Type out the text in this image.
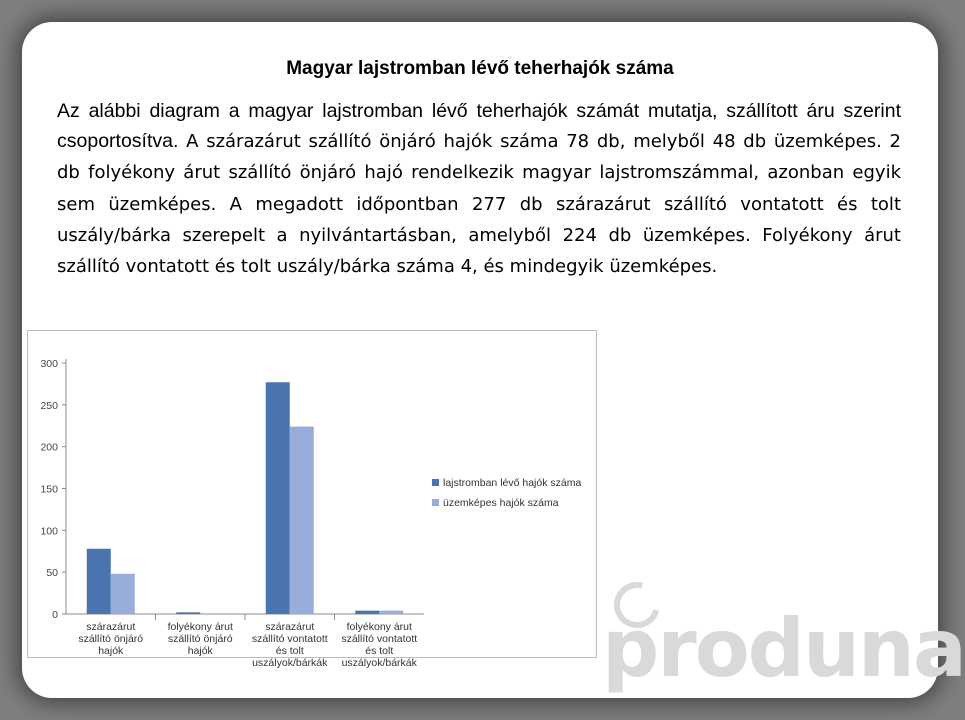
Magyar lajstromban lévő teherhajók száma
Az alábbi diagram a magyar lajstromban lévő teherhajók számát mutatja, szállított áru szerint csoportosítva. A szárazárut szállító önjáró hajók száma 78 db, melyből 48 db üzemképes. 2 db folyékony árut szállító önjáró hajó rendelkezik magyar lajstromszámmal, azonban egyik sem üzemképes. A megadott időpontban 277 db szárazárut szállító vontatott és tolt uszály/bárka szerepelt a nyilvántartásban, amelyből 224 db üzemképes. Folyékony árut szállító vontatott és tolt uszály/bárka száma 4, és mindegyik üzemképes.
0
50
100
150
200
250
300
szárazárut szállító önjáró hajók
folyékony árut szállító önjáró hajók
szárazárut szállító vontatott és tolt uszályok/bárkák
folyékony árut szállító vontatott és tolt uszályok/bárkák
lajstromban lévő hajók száma
üzemképes hajók száma
produna
